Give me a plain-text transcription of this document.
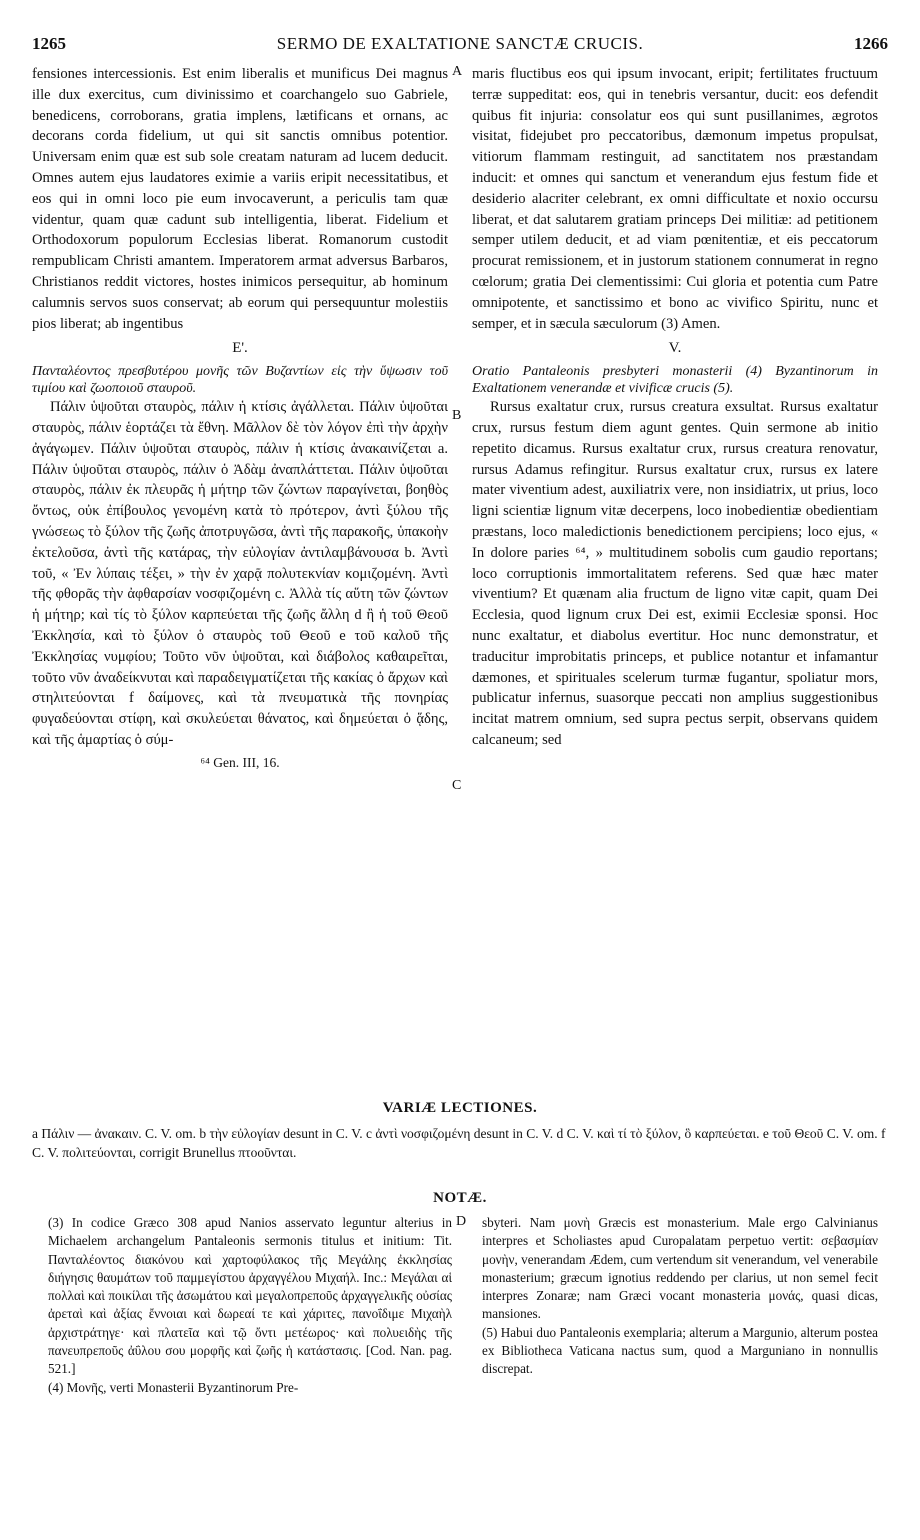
1265	SERMO DE EXALTATIONE SANCTÆ CRUCIS.	1266
A
B
C
D

fensiones intercessionis. Est enim liberalis et munificus Dei magnus ille dux exercitus, cum divinissimo et coarchangelo suo Gabriele, benedicens, corroborans, gratia implens, lætificans et ornans, ac decorans corda fidelium, ut qui sit sanctis omnibus potentior. Universam enim quæ est sub sole creatam naturam ad lucem deducit. Omnes autem ejus laudatores eximie a variis eripit necessitatibus, et eos qui in omni loco pie eum invocaverunt, a periculis tam quæ videntur, quam quæ cadunt sub intelligentia, liberat. Fidelium et Orthodoxorum populorum Ecclesias liberat. Romanorum custodit rempublicam Christi amantem. Imperatorem armat adversus Barbaros, Christianos reddit victores, hostes inimicos persequitur, ab hominum calumnis servos suos conservat; ab eorum qui persequuntur molestiis pios liberat; ab ingentibus

Ε'.

Πανταλέοντος πρεσβυτέρου μονῆς τῶν Βυζαντίων εἰς τὴν ὕψωσιν τοῦ τιμίου καὶ ζωοποιοῦ σταυροῦ.

Πάλιν ὑψοῦται σταυρὸς, πάλιν ἡ κτίσις ἀγάλλεται. Πάλιν ὑψοῦται σταυρὸς, πάλιν ἑορτάζει τὰ ἔθνη. Μᾶλλον δὲ τὸν λόγον ἐπὶ τὴν ἀρχὴν ἀγάγωμεν. Πάλιν ὑψοῦται σταυρὸς, πάλιν ἡ κτίσις ἀνακαινίζεται a. Πάλιν ὑψοῦται σταυρὸς, πάλιν ὁ Ἀδὰμ ἀναπλάττεται. Πάλιν ὑψοῦται σταυρὸς, πάλιν ἐκ πλευρᾶς ἡ μήτηρ τῶν ζώντων παραγίνεται, βοηθὸς ὄντως, οὐκ ἐπίβουλος γενομένη κατὰ τὸ πρότερον, ἀντὶ ξύλου τῆς γνώσεως τὸ ξύλον τῆς ζωῆς ἀποτρυγῶσα, ἀντὶ τῆς παρακοῆς, ὑπακοὴν ἐκτελοῦσα, ἀντὶ τῆς κατάρας, τὴν εὐλογίαν ἀντιλαμβάνουσα b. Ἀντὶ τοῦ, « Ἐν λύπαις τέξει, » τὴν ἐν χαρᾷ πολυτεκνίαν κομιζομένη. Ἀντὶ τῆς φθορᾶς τὴν ἀφθαρσίαν νοσφιζομένη c. Ἀλλὰ τίς αὕτη τῶν ζώντων ἡ μήτηρ; καὶ τίς τὸ ξύλον καρπεύεται τῆς ζωῆς ἄλλη d ἢ ἡ τοῦ Θεοῦ Ἐκκλησία, καὶ τὸ ξύλον ὁ σταυρὸς τοῦ Θεοῦ e τοῦ καλοῦ τῆς Ἐκκλησίας νυμφίου; Τοῦτο νῦν ὑψοῦται, καὶ διάβολος καθαιρεῖται, τοῦτο νῦν ἀναδείκνυται καὶ παραδειγματίζεται τῆς κακίας ὁ ἄρχων καὶ στηλιτεύονται f δαίμονες, καὶ τὰ πνευματικὰ τῆς πονηρίας φυγαδεύονται στίφη, καὶ σκυλεύεται θάνατος, καὶ δημεύεται ὁ ᾅδης, καὶ τῆς ἁμαρτίας ὁ σύμ-

⁶⁴ Gen. III, 16.

maris fluctibus eos qui ipsum invocant, eripit; fertilitates fructuum terræ suppeditat: eos, qui in tenebris versantur, ducit: eos defendit quibus fit injuria: consolatur eos qui sunt pusillanimes, ægrotos visitat, fidejubet pro peccatoribus, dæmonum impetus propulsat, vitiorum flammam restinguit, ad sanctitatem nos præstandam inducit: et omnes qui sanctum et venerandum ejus festum fide et desiderio alacriter celebrant, ex omni difficultate et noxio occursu liberat, et dat salutarem gratiam princeps Dei militiæ: ad petitionem semper utilem deducit, et ad viam pœnitentiæ, et eis peccatorum procurat remissionem, et in justorum stationem connumerat in regno cœlorum; gratia Dei clementissimi: Cui gloria et potentia cum Patre omnipotente, et sanctissimo et bono ac vivifico Spiritu, nunc et semper, et in sæcula sæculorum (3) Amen.

V.

Oratio Pantaleonis presbyteri monasterii (4) Byzantinorum in Exaltationem venerandæ et vivificæ crucis (5).

Rursus exaltatur crux, rursus creatura exsultat. Rursus exaltatur crux, rursus festum diem agunt gentes. Quin sermone ab initio repetito dicamus. Rursus exaltatur crux, rursus creatura renovatur, rursus Adamus refingitur. Rursus exaltatur crux, rursus ex latere mater viventium adest, auxiliatrix vere, non insidiatrix, ut prius, loco ligni scientiæ lignum vitæ decerpens, loco inobedientiæ obedientiam præstans, loco maledictionis benedictionem percipiens; loco ejus, « In dolore paries ⁶⁴, » multitudinem sobolis cum gaudio reportans; loco corruptionis immortalitatem referens. Sed quæ hæc mater viventium? Et quænam alia fructum de ligno vitæ capit, quam Dei Ecclesia, quod lignum crux Dei est, eximii Ecclesiæ sponsi. Hoc nunc exaltatur, et diabolus evertitur. Hoc nunc demonstratur, et traducitur improbitatis princeps, et publice notantur et infamantur dæmones, et spirituales scelerum turmæ fugantur, spoliatur mors, publicatur infernus, suasorque peccati non amplius suggestionibus incitat matrem omnium, sed supra pectus serpit, observans quidem calcaneum; sed

VARIÆ LECTIONES.

a Πάλιν — ἀνακαιν. C. V. om. b τὴν εὐλογίαν desunt in C. V. c ἀντὶ νοσφιζομένη desunt in C. V. d C. V. καὶ τί τὸ ξύλον, ὃ καρπεύεται. e τοῦ Θεοῦ C. V. om. f C. V. πολιτεύονται, corrigit Brunellus πτοοῦνται.

NOTÆ.

(3) In codice Græco 308 apud Nanios asservato leguntur alterius in Michaelem archangelum Pantaleonis sermonis titulus et initium: Tit. Πανταλέοντος διακόνου καὶ χαρτοφύλακος τῆς Μεγάλης ἐκκλησίας διήγησις θαυμάτων τοῦ παμμεγίστου ἀρχαγγέλου Μιχαήλ. Inc.: Μεγάλαι αἱ πολλαὶ καὶ ποικίλαι τῆς ἀσωμάτου καὶ μεγαλοπρεποῦς ἀρχαγγελικῆς οὐσίας ἀρεταὶ καὶ ἀξίας ἔννοιαι καὶ δωρεαί τε καὶ χάριτες, πανοΐδιμε Μιχαὴλ ἀρχιστράτηγε· καὶ πλατεῖα καὶ τῷ ὄντι μετέωρος· καὶ πολυειδὴς τῆς πανευπρεποῦς ἀΰλου σου μορφῆς καὶ ζωῆς ἡ κατάστασις. [Cod. Nan. pag. 521.]

(4) Μονῆς, verti Monasterii Byzantinorum Pre-

sbyteri. Nam μονὴ Græcis est monasterium. Male ergo Calvinianus interpres et Scholiastes apud Curopalatam perpetuo vertit: σεβασμίαν μονὴν, venerandam Ædem, cum vertendum sit venerandum, vel venerabile monasterium; græcum ignotius reddendo per clarius, ut non semel fecit interpres Zonaræ; nam Græci vocant monasteria μονάς, quasi dicas, mansiones.

(5) Habui duo Pantaleonis exemplaria; alterum a Margunio, alterum postea ex Bibliotheca Vaticana nactus sum, quod a Marguniano in nonnullis discrepat.
